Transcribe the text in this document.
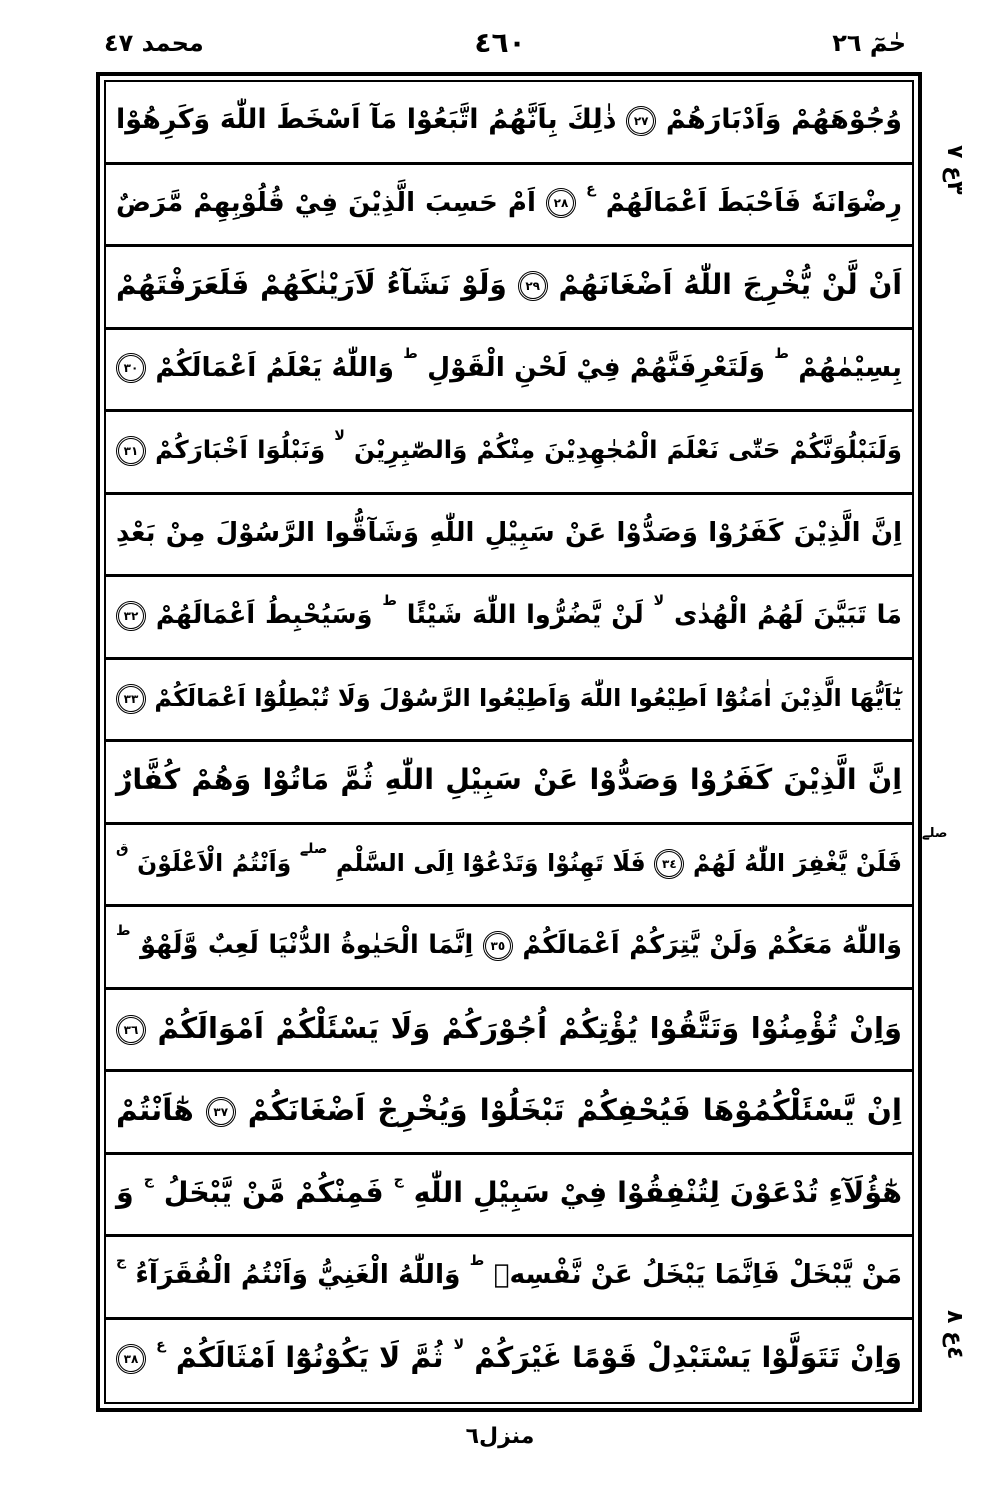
محمد ٤٧	٤٦٠	حٰمٓ ٢٦
وُجُوْهَهُمْ وَاَدْبَارَهُمْ ٢٧ ذٰلِكَ بِاَنَّهُمُ اتَّبَعُوْا مَآ اَسْخَطَ اللّٰهَ وَكَرِهُوْا
رِضْوَانَهٗ فَاَحْبَطَ اَعْمَالَهُمْ $^ع$ ٢٨ اَمْ حَسِبَ الَّذِيْنَ فِيْ قُلُوْبِهِمْ مَّرَضٌ
اَنْ لَّنْ يُّخْرِجَ اللّٰهُ اَضْغَانَهُمْ ٢٩ وَلَوْ نَشَآءُ لَاَرَيْنٰكَهُمْ فَلَعَرَفْتَهُمْ
بِسِيْمٰهُمْ $^ط$ وَلَتَعْرِفَنَّهُمْ فِيْ لَحْنِ الْقَوْلِ $^ط$ وَاللّٰهُ يَعْلَمُ اَعْمَالَكُمْ ٣٠
وَلَنَبْلُوَنَّكُمْ حَتّٰى نَعْلَمَ الْمُجٰهِدِيْنَ مِنْكُمْ وَالصّٰبِرِيْنَ $^{لا}$ وَنَبْلُوَا اَخْبَارَكُمْ ٣١
اِنَّ الَّذِيْنَ كَفَرُوْا وَصَدُّوْا عَنْ سَبِيْلِ اللّٰهِ وَشَآقُّوا الرَّسُوْلَ مِنْ بَعْدِ
مَا تَبَيَّنَ لَهُمُ الْهُدٰى $^{لا}$ لَنْ يَّضُرُّوا اللّٰهَ شَيْئًا $^ط$ وَسَيُحْبِطُ اَعْمَالَهُمْ ٣٢
يٰٓاَيُّهَا الَّذِيْنَ اٰمَنُوْٓا اَطِيْعُوا اللّٰهَ وَاَطِيْعُوا الرَّسُوْلَ وَلَا تُبْطِلُوْٓا اَعْمَالَكُمْ ٣٣
اِنَّ الَّذِيْنَ كَفَرُوْا وَصَدُّوْا عَنْ سَبِيْلِ اللّٰهِ ثُمَّ مَاتُوْا وَهُمْ كُفَّارٌ
فَلَنْ يَّغْفِرَ اللّٰهُ لَهُمْ ٣٤ فَلَا تَهِنُوْا وَتَدْعُوْٓا اِلَى السَّلْمِ $^{صلے}$ وَاَنْتُمُ الْاَعْلَوْنَ $^ق$
وَاللّٰهُ مَعَكُمْ وَلَنْ يَّتِرَكُمْ اَعْمَالَكُمْ ٣٥ اِنَّمَا الْحَيٰوةُ الدُّنْيَا لَعِبٌ وَّلَهْوٌ $^ط$
وَاِنْ تُؤْمِنُوْا وَتَتَّقُوْا يُؤْتِكُمْ اُجُوْرَكُمْ وَلَا يَسْئَلْكُمْ اَمْوَالَكُمْ ٣٦
اِنْ يَّسْئَلْكُمُوْهَا فَيُحْفِكُمْ تَبْخَلُوْا وَيُخْرِجْ اَضْغَانَكُمْ ٣٧ هٰٓاَنْتُمْ
هٰٓؤُلَآءِ تُدْعَوْنَ لِتُنْفِقُوْا فِيْ سَبِيْلِ اللّٰهِ $^ج$ فَمِنْكُمْ مَّنْ يَّبْخَلُ $^ج$ وَ
مَنْ يَّبْخَلْ فَاِنَّمَا يَبْخَلُ عَنْ نَّفْسِهٖ $^ط$ وَاللّٰهُ الْغَنِيُّ وَاَنْتُمُ الْفُقَرَآءُ $^ج$
وَاِنْ تَتَوَلَّوْا يَسْتَبْدِلْ قَوْمًا غَيْرَكُمْ $^{لا}$ ثُمَّ لَا يَكُوْنُوْٓا اَمْثَالَكُمْ $^ع$ ٣٨
٣ع ٧
صلے
٤ع ٨
منزل٦
